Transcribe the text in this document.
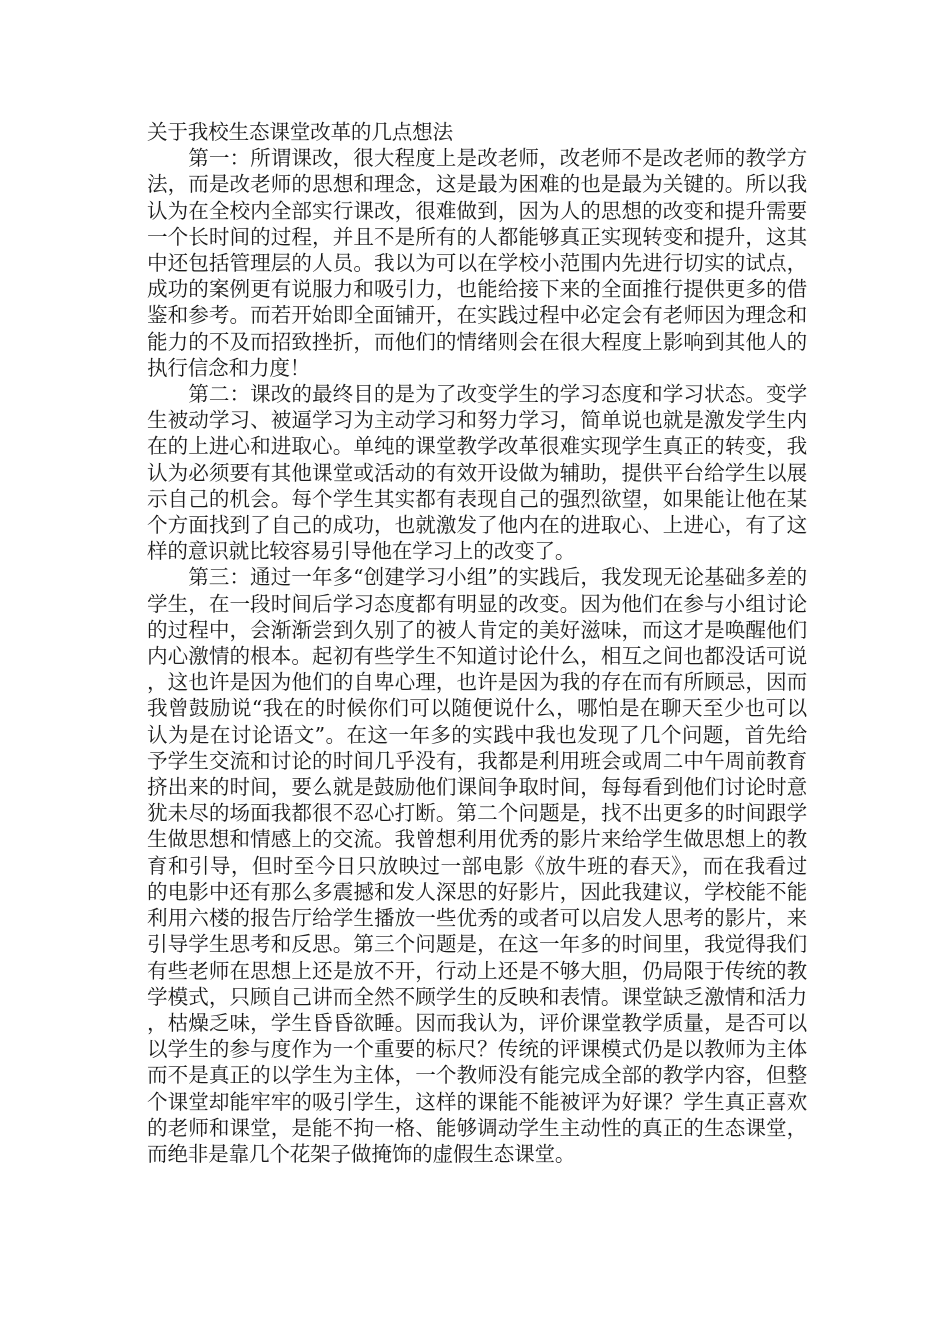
关于我校生态课堂改革的几点想法

第一：所谓课改，很大程度上是改老师，改老师不是改老师的教学方法，而是改老师的思想和理念，这是最为困难的也是最为关键的。所以我认为在全校内全部实行课改，很难做到，因为人的思想的改变和提升需要一个长时间的过程，并且不是所有的人都能够真正实现转变和提升，这其中还包括管理层的人员。我以为可以在学校小范围内先进行切实的试点，成功的案例更有说服力和吸引力，也能给接下来的全面推行提供更多的借鉴和参考。而若开始即全面铺开，在实践过程中必定会有老师因为理念和能力的不及而招致挫折，而他们的情绪则会在很大程度上影响到其他人的执行信念和力度！

第二：课改的最终目的是为了改变学生的学习态度和学习状态。变学生被动学习、被逼学习为主动学习和努力学习，简单说也就是激发学生内在的上进心和进取心。单纯的课堂教学改革很难实现学生真正的转变，我认为必须要有其他课堂或活动的有效开设做为辅助，提供平台给学生以展示自己的机会。每个学生其实都有表现自己的强烈欲望，如果能让他在某个方面找到了自己的成功，也就激发了他内在的进取心、上进心，有了这样的意识就比较容易引导他在学习上的改变了。

第三：通过一年多“创建学习小组”的实践后，我发现无论基础多差的学生，在一段时间后学习态度都有明显的改变。因为他们在参与小组讨论的过程中，会渐渐尝到久别了的被人肯定的美好滋味，而这才是唤醒他们内心激情的根本。起初有些学生不知道讨论什么，相互之间也都没话可说，这也许是因为他们的自卑心理，也许是因为我的存在而有所顾忌，因而我曾鼓励说“我在的时候你们可以随便说什么，哪怕是在聊天至少也可以认为是在讨论语文”。在这一年多的实践中我也发现了几个问题，首先给予学生交流和讨论的时间几乎没有，我都是利用班会或周二中午周前教育挤出来的时间，要么就是鼓励他们课间争取时间，每每看到他们讨论时意犹未尽的场面我都很不忍心打断。第二个问题是，找不出更多的时间跟学生做思想和情感上的交流。我曾想利用优秀的影片来给学生做思想上的教育和引导，但时至今日只放映过一部电影《放牛班的春天》，而在我看过的电影中还有那么多震撼和发人深思的好影片，因此我建议，学校能不能利用六楼的报告厅给学生播放一些优秀的或者可以启发人思考的影片，来引导学生思考和反思。第三个问题是，在这一年多的时间里，我觉得我们有些老师在思想上还是放不开，行动上还是不够大胆，仍局限于传统的教学模式，只顾自己讲而全然不顾学生的反映和表情。课堂缺乏激情和活力，枯燥乏味，学生昏昏欲睡。因而我认为，评价课堂教学质量，是否可以以学生的参与度作为一个重要的标尺？传统的评课模式仍是以教师为主体而不是真正的以学生为主体，一个教师没有能完成全部的教学内容，但整个课堂却能牢牢的吸引学生，这样的课能不能被评为好课？学生真正喜欢的老师和课堂，是能不拘一格、能够调动学生主动性的真正的生态课堂，而绝非是靠几个花架子做掩饰的虚假生态课堂。
